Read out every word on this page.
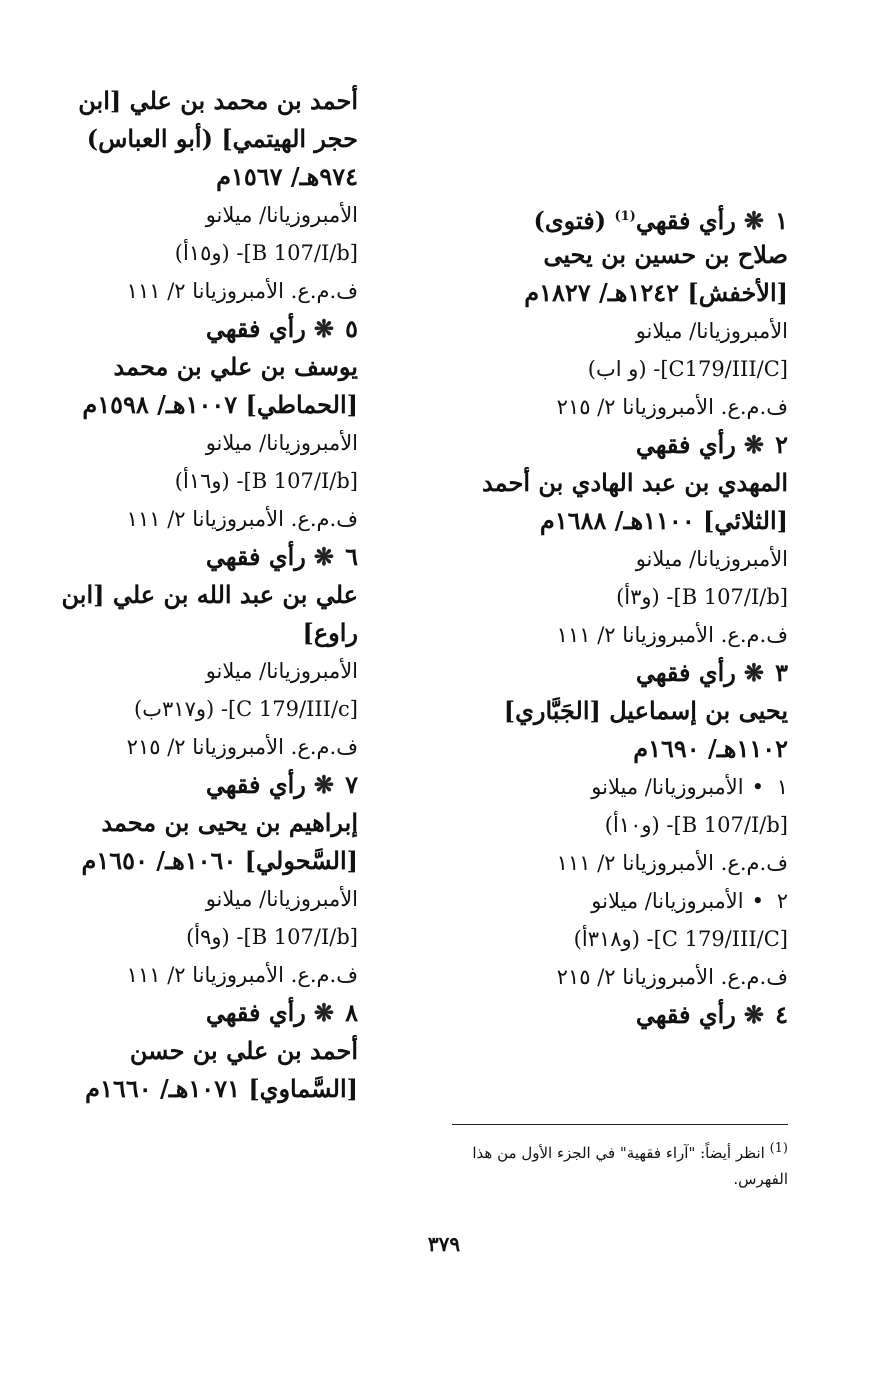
١❋رأي فقهي$^{(1)}$ (فتوى)
صلاح بن حسين بن يحيى
[الأخفش] ١٢٤٢هـ/ ١٨٢٧م
الأمبروزيانا/ ميلانو
[C179/III/C]- (و اب)
ف.م.ع. الأمبروزيانا ٢/ ٢١٥
٢❋رأي فقهي
المهدي بن عبد الهادي بن أحمد
[الثلائي] ١١٠٠هـ/ ١٦٨٨م
الأمبروزيانا/ ميلانو
[B 107/I/b]- (و٣أ)
ف.م.ع. الأمبروزيانا ٢/ ١١١
٣❋رأي فقهي
يحيى بن إسماعيل [الجَبَّاري]
١١٠٢هـ/ ١٦٩٠م
١•الأمبروزيانا/ ميلانو
[B 107/I/b]- (و١٠أ)
ف.م.ع. الأمبروزيانا ٢/ ١١١
٢•الأمبروزيانا/ ميلانو
[C 179/III/C]- (و٣١٨أ)
ف.م.ع. الأمبروزيانا ٢/ ٢١٥
٤❋رأي فقهي
أحمد بن محمد بن علي [ابن
حجر الهيتمي] (أبو العباس)
٩٧٤هـ/ ١٥٦٧م
الأمبروزيانا/ ميلانو
[B 107/I/b]- (و١٥أ)
ف.م.ع. الأمبروزيانا ٢/ ١١١
٥❋رأي فقهي
يوسف بن علي بن محمد
[الحماطي] ١٠٠٧هـ/ ١٥٩٨م
الأمبروزيانا/ ميلانو
[B 107/I/b]- (و١٦أ)
ف.م.ع. الأمبروزيانا ٢/ ١١١
٦❋رأي فقهي
علي بن عبد الله بن علي [ابن
راوع]
الأمبروزيانا/ ميلانو
[C 179/III/c]- (و٣١٧ب)
ف.م.ع. الأمبروزيانا ٢/ ٢١٥
٧❋رأي فقهي
إبراهيم بن يحيى بن محمد
[السَّحولي] ١٠٦٠هـ/ ١٦٥٠م
الأمبروزيانا/ ميلانو
[B 107/I/b]- (و٩أ)
ف.م.ع. الأمبروزيانا ٢/ ١١١
٨❋رأي فقهي
أحمد بن علي بن حسن
[السَّماوي] ١٠٧١هـ/ ١٦٦٠م
$^{(1)}$ انظر أيضاً: "آراء فقهية" في الجزء الأول من هذا الفهرس.
٣٧٩
